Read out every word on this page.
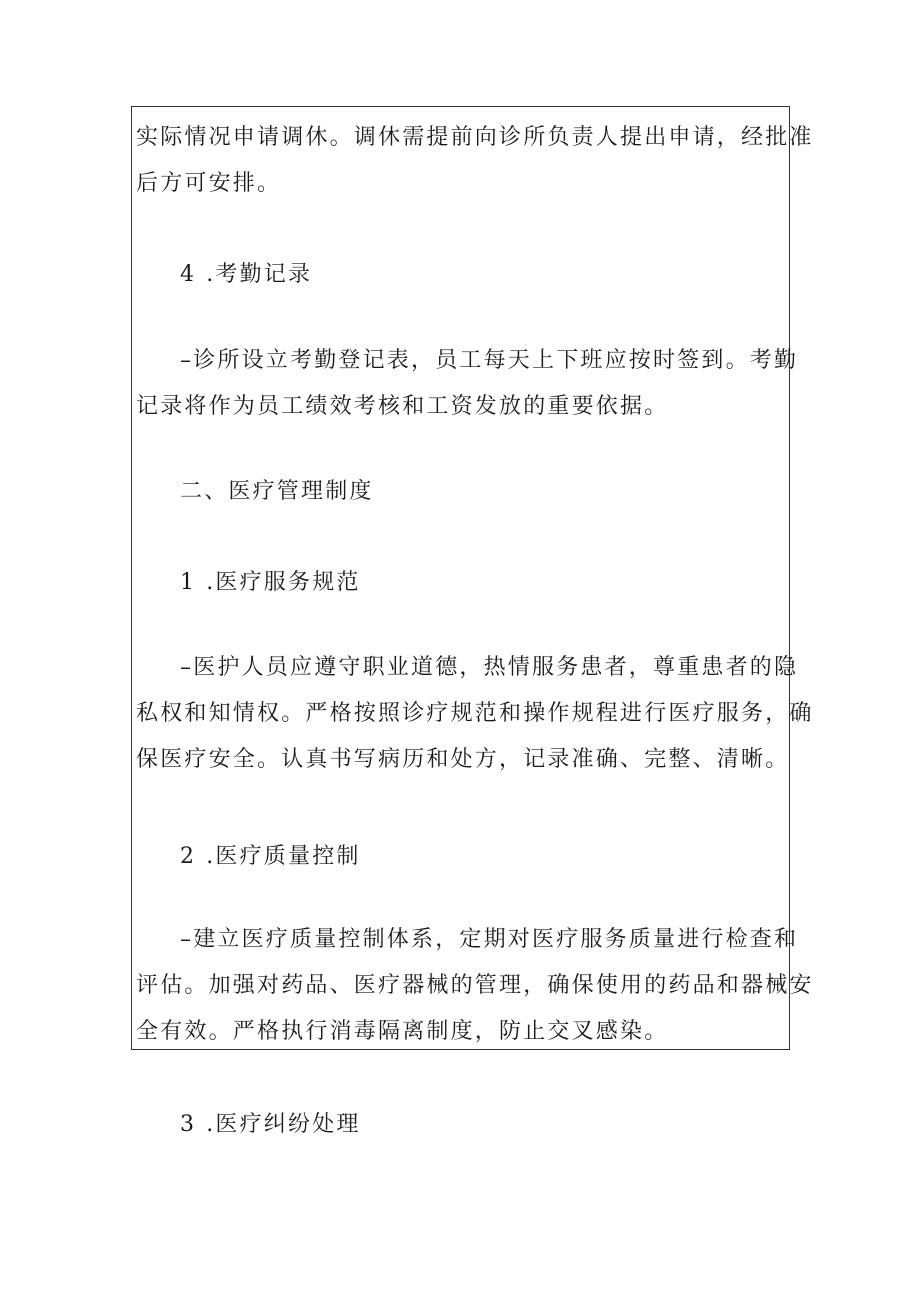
实际情况申请调休。调休需提前向诊所负责人提出申请，经批准

后方可安排。

4 .考勤记录

–诊所设立考勤登记表，员工每天上下班应按时签到。考勤

记录将作为员工绩效考核和工资发放的重要依据。

二、医疗管理制度

1 .医疗服务规范

–医护人员应遵守职业道德，热情服务患者，尊重患者的隐

私权和知情权。严格按照诊疗规范和操作规程进行医疗服务，确

保医疗安全。认真书写病历和处方，记录准确、完整、清晰。

2 .医疗质量控制

–建立医疗质量控制体系，定期对医疗服务质量进行检查和

评估。加强对药品、医疗器械的管理，确保使用的药品和器械安

全有效。严格执行消毒隔离制度，防止交叉感染。

3 .医疗纠纷处理
